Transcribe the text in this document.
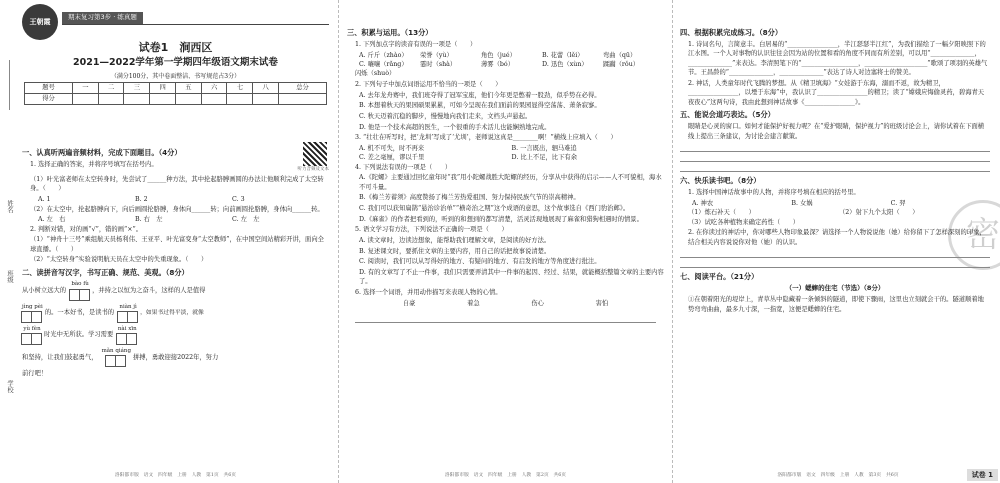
姓名
班级
学校
王朝霞	期末复习第3步 · 练真题
试卷1　涧西区
2021—2022学年第一学期四年级语文期末试卷
（满分100分，其中卷面整洁、书写规范占3分）
题号	一	二	三	四	五	六	七	八	总分
得分									
听力音频及文本

一、认真听两遍音频材料，完成下面题目。（4分）

1. 选择正确的答案，并将序号填写在括号内。

（1）叶光富老师在太空转身时，先尝试了______种方法，其中抡起胳膊画圆的办法让他顺利完成了太空转身。（　　）

A. 1	B. 2	C. 3

（2）在太空中，抡起胳膊向下，向后画圆抡胳膊，身体向______转；向前画圆抡胳膊，身体向______转。

A. 左　右	B. 右　左	C. 左　左

2. 判断对错，对的画“√”，错的画“×”。

（1）“神舟十三号”乘组航天员杨利伟、王亚平、叶光富变身“太空教师”，在中国空间站精彩开讲，面向全球直播。（　　）

（2）“太空转身”实验说明航天员在太空中的失重现象。（　　）

二、读拼音写汉字，书写正确、规范、美观。（8分）

从小树立远大的
bào fù
，并持之以恒为之奋斗，这样的人是值得
jìng pèi
的。一本好书，是读书的
niàn jì
，如果书过得平淡，就像
yù fèn
时光中无所获。学习需要
nài xīn
和坚持，让我们鼓起勇气，
mǎn qiáng
拼搏，勇敢迎接2022年，努力

前行吧！

洛阳都市版　语文　四年级　上册　人教　第1页　共6页

三、积累与运用。（13分）

1. 下列加点字的读音有误的一项是（　　）

A. 斤斤（zhào）	荣誉（yù）	角色（jué）	B. 花蕾（lěi）	弯曲（qū）
C. 嚷嚷（rǎng）	霎时（shà）	薄雾（bó）	D. 迅色（xùn）	蹂躏（rǒu）

闪烁（shuò）

2. 下列句子中加点词语运用不恰当的一项是（　　）

A. 去年龙舟赛中，我们班夺得了冠军宝座，他们今年更是憋着一股劲，似乎势在必得。

B. 本想着秋天的果园硕果累累，可如今呈现在我们面前的果园显得空荡荡、萧条寂寥。

C. 秋天迈着沉稳的脚步，慢慢地向我们走来，文档头声悬起。

D. 他是一个技术高超的医生，一个很重的手术活儿也能娴熟地完成。

3. “壮壮在听写时，把‘龙圳’写成了‘尤圳’，老师说这真是________啊！”横线上应填入（　　）

A. 机不可失，时不再来	B. 一言既出，驷马难追
C. 差之毫厘，谬以千里	D. 比上不足，比下有余

4. 下列说法有误的一项是（　　）

A.《陀螺》主要通过回忆童年时“我”用小陀螺战胜大陀螺的经历，分享从中获得的启示——人不可貌相，海水不可斗量。

B.《梅兰芳蓄须》高度赞扬了梅兰芳热爱祖国、努力保持民族气节的崇高精神。

C. 我们可以获知扁鹊“悬治诊治单”“横奇治之期”这个成语的意思，这个故事选自《西门豹治邺》。

D.《麻雀》的作者把看到的，听到的和想到的都写清楚，活灵活现地展现了麻雀和猎狗相遇时的情景。

5. 语文学习有方法，下列说法不正确的一项是（　　）

A. 读文章时，边读边想象，能帮助我们理解文章，是阅读的好方法。

B. 复述课文时，要抓住文章的主要内容，用自己的话把故事说清楚。

C. 阅读时，我们可以从写得好的地方、有疑问的地方、有启发的地方等角度进行批注。

D. 有的文章写了不止一件事，我们只需要弄清其中一件事的起因、经过、结果，就能概括整篇文章的主要内容了。

6. 选择一个词语，并用动作描写来表现人物的心情。

自豪	着急	伤心	害怕
洛阳都市版　语文　四年级　上册　人教　第2页　共6页
密

四、根据积累完成练习。（8分）

1. 诗词名句，言简意丰。白居易的“________________，半江瑟瑟半江红”，为我们描绘了一幅夕阳映照下的江水图。一个人对事物的认识往往会因为站的位置和看的角度不同而有所差别，可以用“______________，______________”来表达。李清照笔下的“__________________，____________________”歌颂了项羽的英雄气节。王昌龄的“______________，______________”表达了诗人对边塞将士的赞美。

2. 神话，人类童年时代飞腾的梦想。从《精卫填海》“女娃游于东海，溺而不返，故为精卫，________________，以堙于东海”中，我认识了________________的精卫；读了“嫦娥应悔偷灵药，碧海青天夜夜心”这两句诗，我由此想到神话故事《________________》。

五、能说会道巧表达。（5分）

眼睛是心灵的窗口。如何才能保护好视力呢？在“爱护眼睛，保护视力”的班级讨论会上，请你试着在下面横线上提出三条建议，为讨论会建言献策。

六、快乐读书吧。（8分）

1. 选择中国神话故事中的人物，并将序号填在相应的括号里。

A. 神农	B. 女娲	C. 羿
（1）炼石补天（　　）	（2）射下九个太阳（　　）

（3）试吃各种植物来确定药性（　　）

2. 在你读过的神话中，你对哪些人物印象最深？请选择一个人物说说他（她）给你留下了怎样深刻的印象，结合相关内容说说你对他（她）的认识。

七、阅读平台。（21分）

（一）蟋蟀的住宅（节选）（8分）

①在朝着阳光的堤岸上，青草丛中隐藏着一条倾斜的隧道，即使下骤雨，这里也立刻就会干的。隧道顺着地势弯弯曲曲，最多九寸深，一指宽，这便是蟋蟀的住宅。

洛阳都市版　语文　四年级　上册　人教　第3页　共6页	试卷 1
